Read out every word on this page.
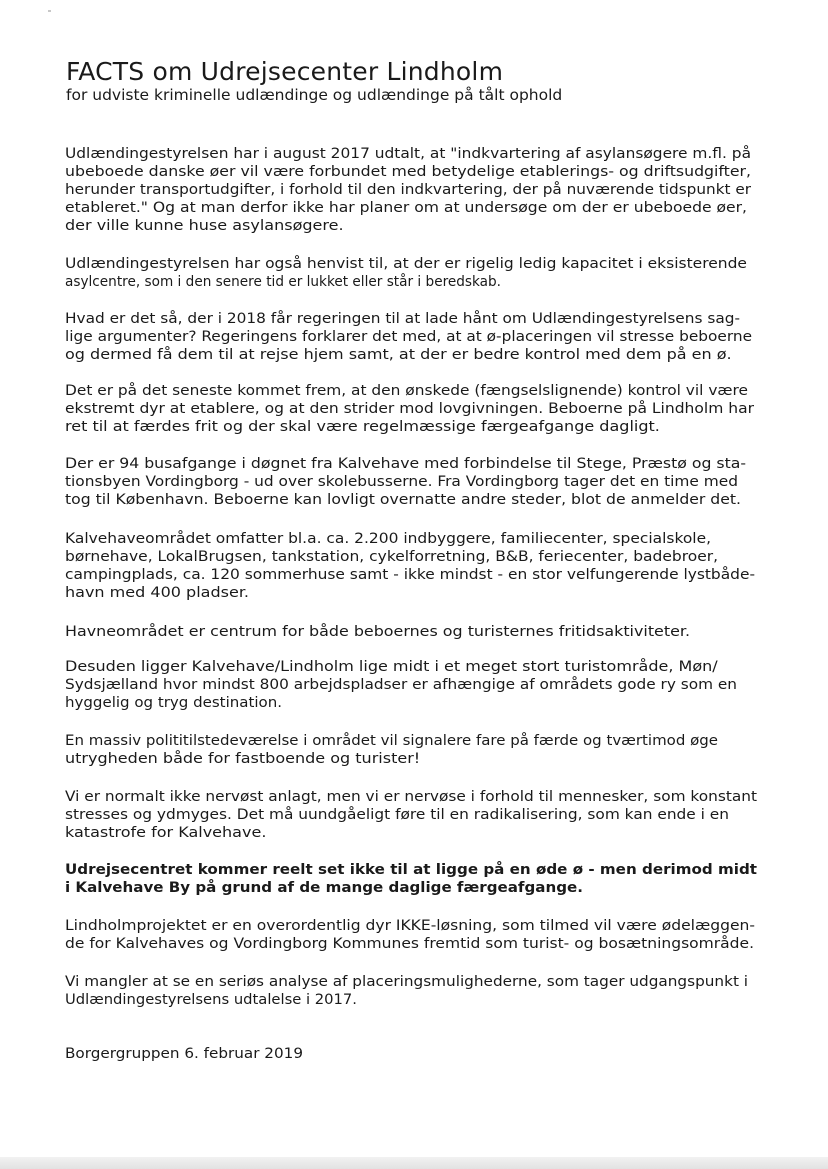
FACTS om Udrejsecenter Lindholm
for udviste kriminelle udlændinge og udlændinge på tålt ophold

Udlændingestyrelsen har i august 2017 udtalt, at "indkvartering af asylansøgere m.fl. på
ubeboede danske øer vil være forbundet med betydelige etablerings- og driftsudgifter,
herunder transportudgifter, i forhold til den indkvartering, der på nuværende tidspunkt er
etableret." Og at man derfor ikke har planer om at undersøge om der er ubeboede øer,
der ville kunne huse asylansøgere.

Udlændingestyrelsen har også henvist til, at der er rigelig ledig kapacitet i eksisterende
asylcentre, som i den senere tid er lukket eller står i beredskab.

Hvad er det så, der i 2018 får regeringen til at lade hånt om Udlændingestyrelsens sag-
lige argumenter? Regeringens forklarer det med, at at ø-placeringen vil stresse beboerne
og dermed få dem til at rejse hjem samt, at der er bedre kontrol med dem på en ø.

Det er på det seneste kommet frem, at den ønskede (fængselslignende) kontrol vil være
ekstremt dyr at etablere, og at den strider mod lovgivningen. Beboerne på Lindholm har
ret til at færdes frit og der skal være regelmæssige færgeafgange dagligt.

Der er 94 busafgange i døgnet fra Kalvehave med forbindelse til Stege, Præstø og sta-
tionsbyen Vordingborg - ud over skolebusserne. Fra Vordingborg tager det en time med
tog til København. Beboerne kan lovligt overnatte andre steder, blot de anmelder det.

Kalvehaveområdet omfatter bl.a. ca. 2.200 indbyggere, familiecenter, specialskole,
børnehave, LokalBrugsen, tankstation, cykelforretning, B&B, feriecenter, badebroer,
campingplads, ca. 120 sommerhuse samt - ikke mindst - en stor velfungerende lystbåde-
havn med 400 pladser.

Havneområdet er centrum for både beboernes og turisternes fritidsaktiviteter.

Desuden ligger Kalvehave/Lindholm lige midt i et meget stort turistområde, Møn/
Sydsjælland hvor mindst 800 arbejdspladser er afhængige af områdets gode ry som en
hyggelig og tryg destination.

En massiv polititilstedeværelse i området vil signalere fare på færde og tværtimod øge
utrygheden både for fastboende og turister!

Vi er normalt ikke nervøst anlagt, men vi er nervøse i forhold til mennesker, som konstant
stresses og ydmyges. Det må uundgåeligt føre til en radikalisering, som kan ende i en
katastrofe for Kalvehave.

Udrejsecentret kommer reelt set ikke til at ligge på en øde ø - men derimod midt
i Kalvehave By på grund af de mange daglige færgeafgange.

Lindholmprojektet er en overordentlig dyr IKKE-løsning, som tilmed vil være ødelæggen-
de for Kalvehaves og Vordingborg Kommunes fremtid som turist- og bosætningsområde.

Vi mangler at se en seriøs analyse af placeringsmulighederne, som tager udgangspunkt i
Udlændingestyrelsens udtalelse i 2017.

Borgergruppen 6. februar 2019
